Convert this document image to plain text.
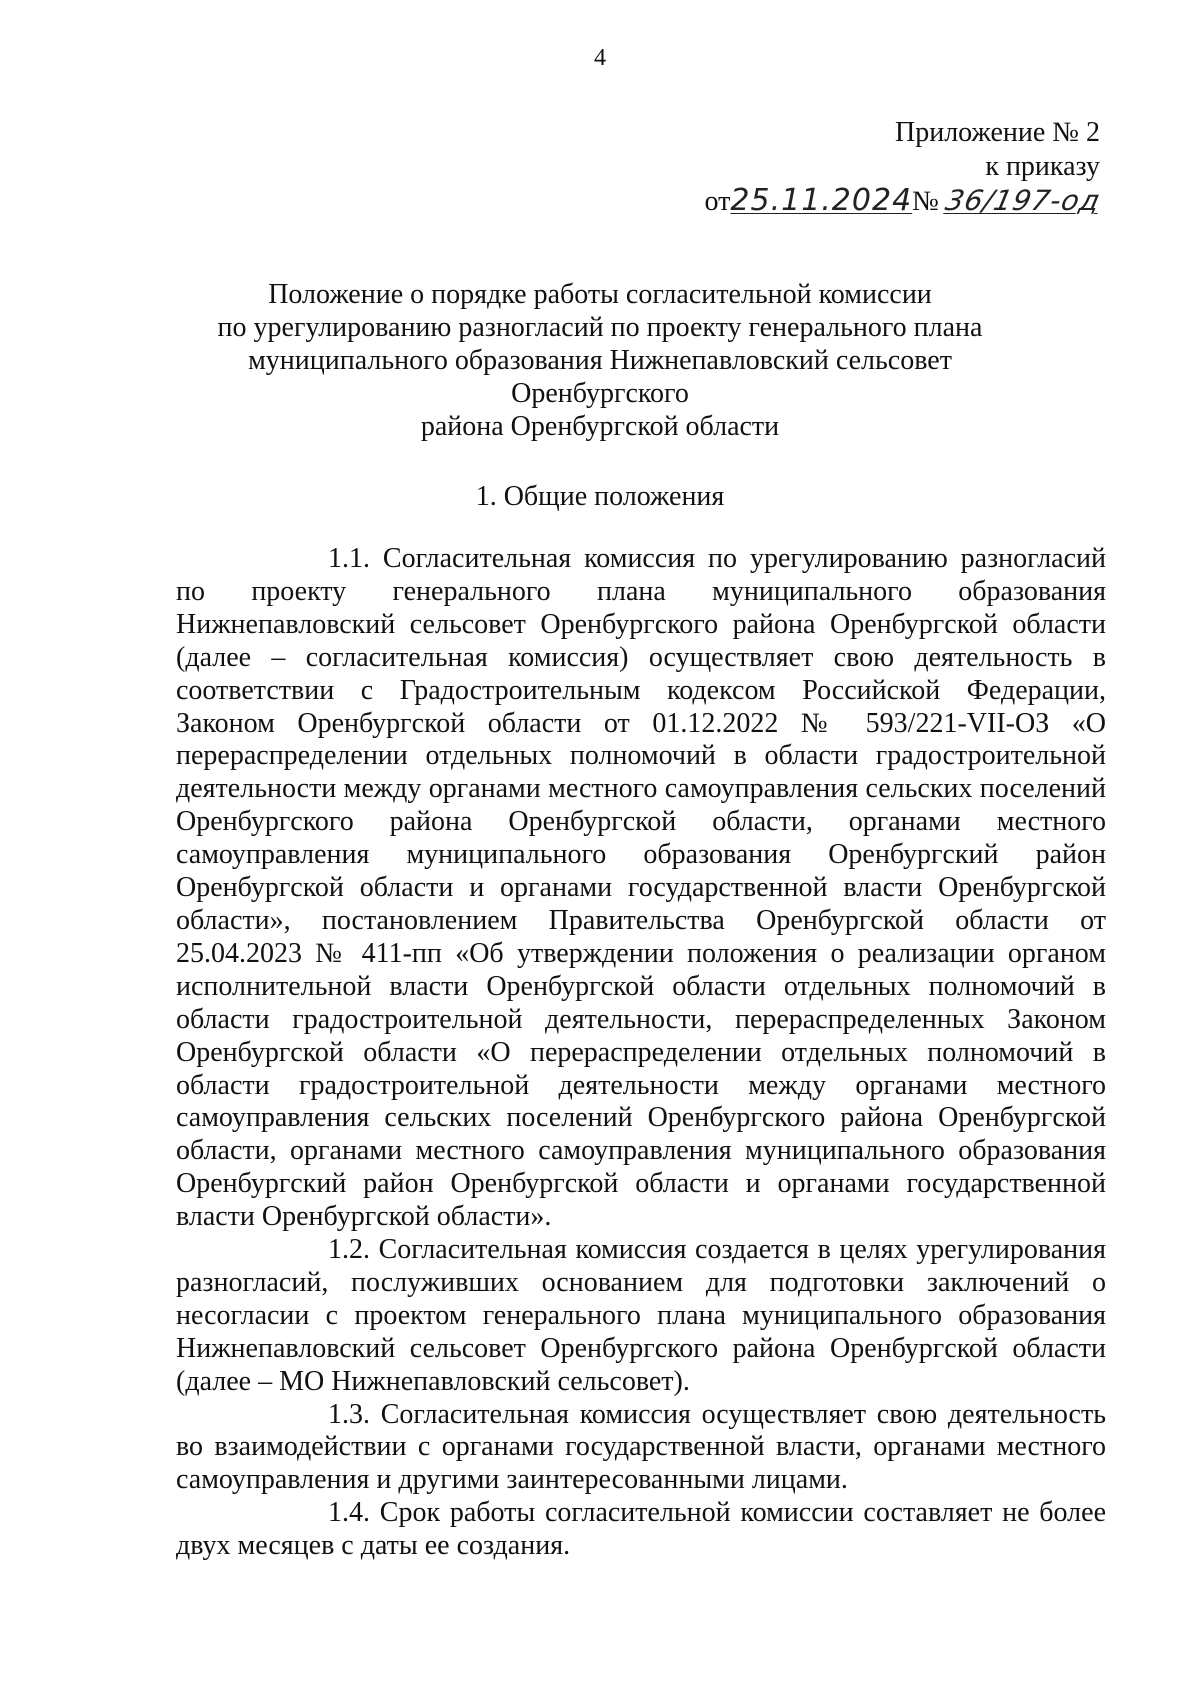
4
Приложение № 2
к приказу
от25.11.2024№ 36/197-од
Положение о порядке работы согласительной комиссии
по урегулированию разногласий по проекту генерального плана
муниципального образования Нижнепавловский сельсовет Оренбургского
района Оренбургской области
1. Общие положения

1.1. Согласительная комиссия по урегулированию разногласий по проекту генерального плана муниципального образования Нижнепавловский сельсовет Оренбургского района Оренбургской области (далее – согласительная комиссия) осуществляет свою деятельность в соответствии с Градостроительным кодексом Российской Федерации, Законом Оренбургской области от 01.12.2022 № 593/221-VII-ОЗ «О перераспределении отдельных полномочий в области градостроительной деятельности между органами местного самоуправления сельских поселений Оренбургского района Оренбургской области, органами местного самоуправления муниципального образования Оренбургский район Оренбургской области и органами государственной власти Оренбургской области», постановлением Правительства Оренбургской области от 25.04.2023 № 411-пп «Об утверждении положения о реализации органом исполнительной власти Оренбургской области отдельных полномочий в области градостроительной деятельности, перераспределенных Законом Оренбургской области «О перераспределении отдельных полномочий в области градостроительной деятельности между органами местного самоуправления сельских поселений Оренбургского района Оренбургской области, органами местного самоуправления муниципального образования Оренбургский район Оренбургской области и органами государственной власти Оренбургской области».

1.2. Согласительная комиссия создается в целях урегулирования разногласий, послуживших основанием для подготовки заключений о несогласии с проектом генерального плана муниципального образования Нижнепавловский сельсовет Оренбургского района Оренбургской области (далее – МО Нижнепавловский сельсовет).

1.3. Согласительная комиссия осуществляет свою деятельность во взаимодействии с органами государственной власти, органами местного самоуправления и другими заинтересованными лицами.

1.4. Срок работы согласительной комиссии составляет не более двух месяцев с даты ее создания.
